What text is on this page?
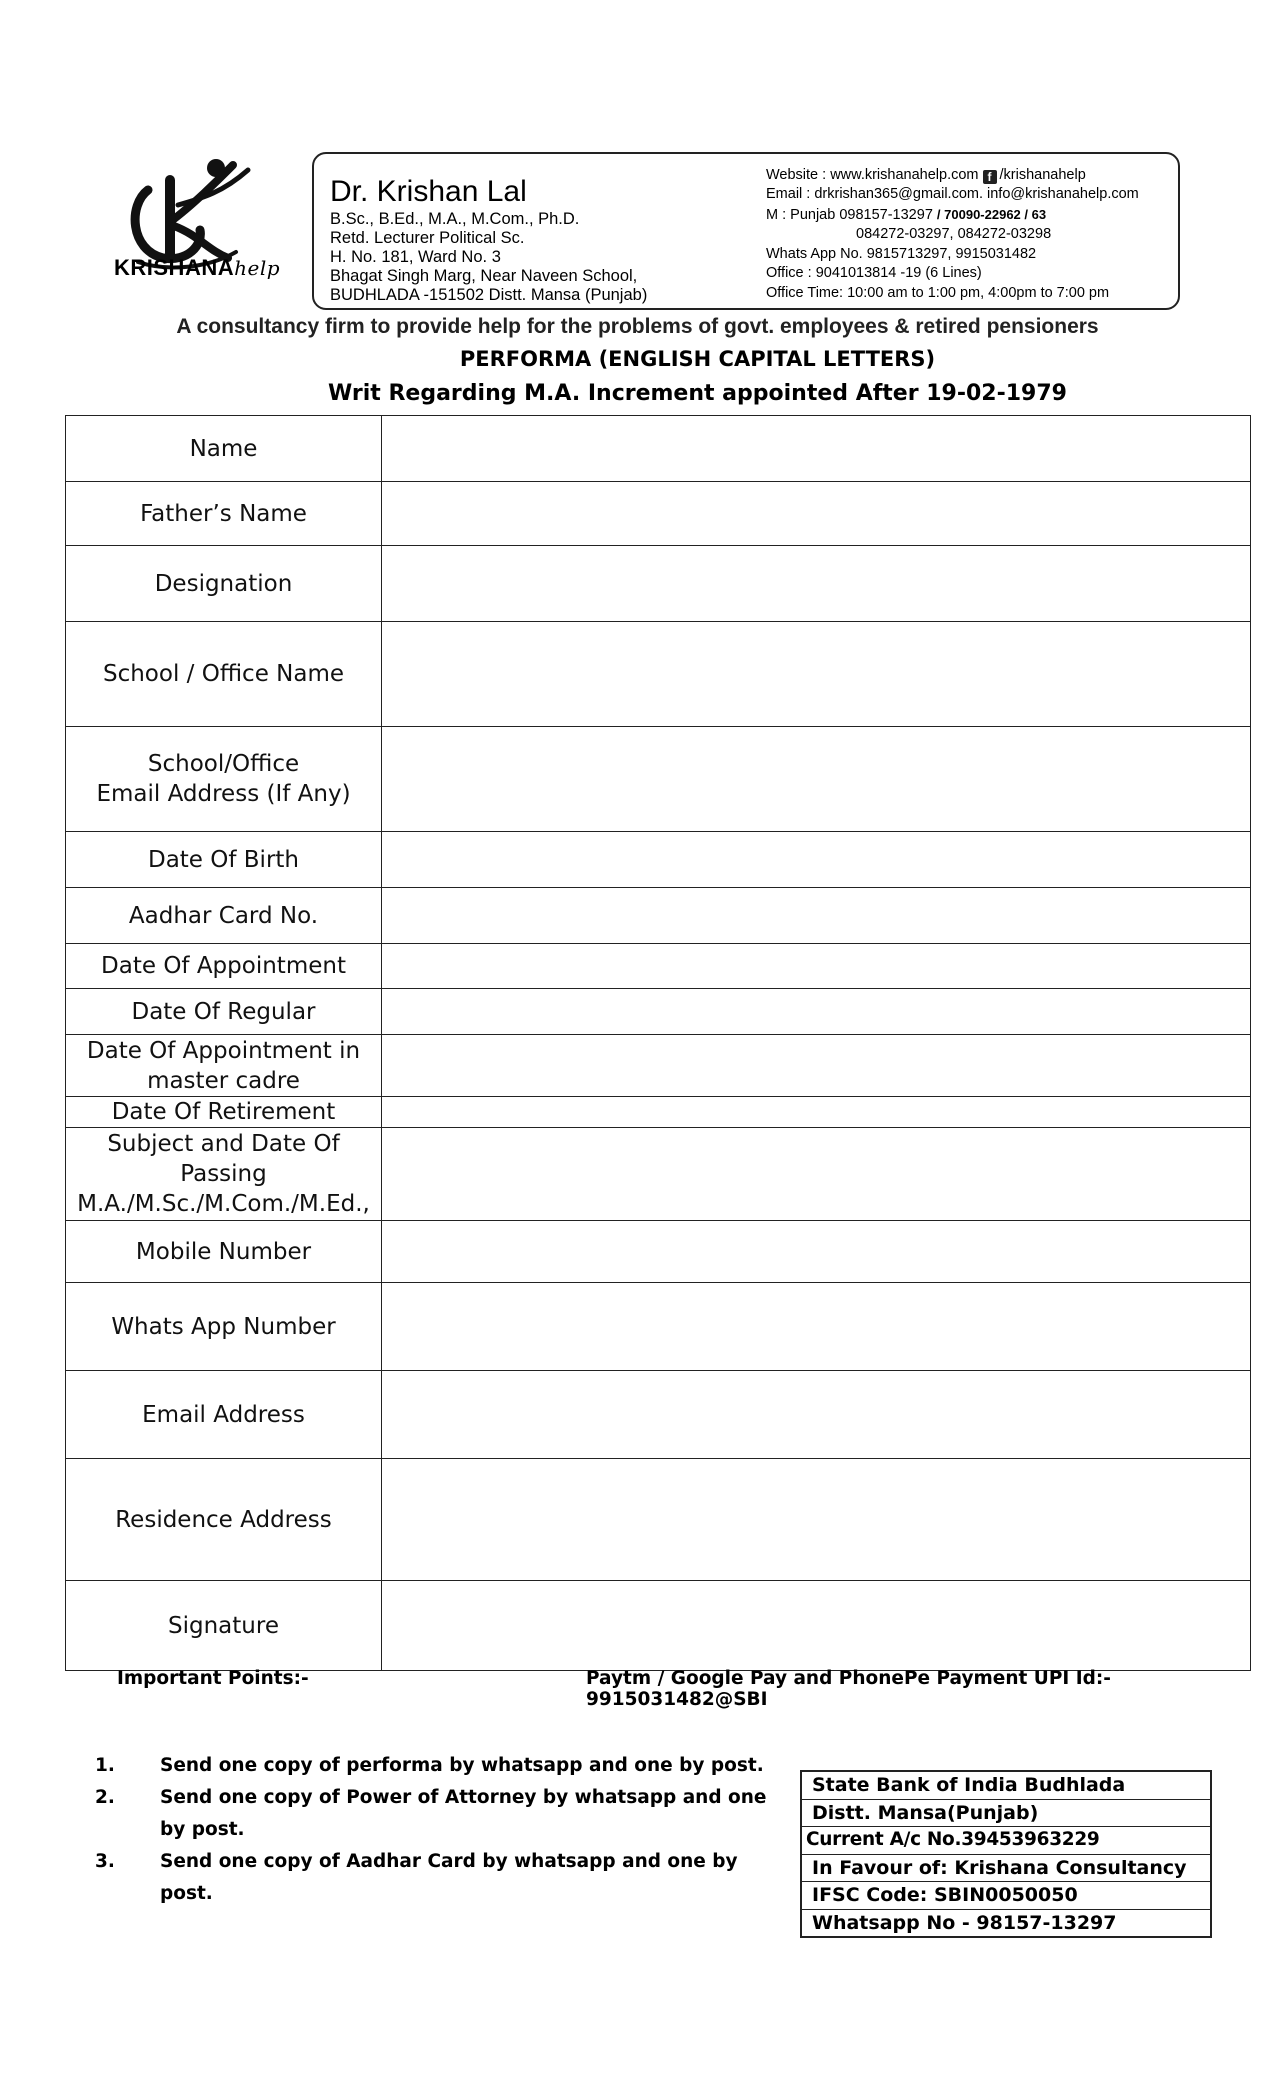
KRISHANAhelp
Dr. Krishan Lal
B.Sc., B.Ed., M.A., M.Com., Ph.D.
Retd. Lecturer Political Sc.
H. No. 181, Ward No. 3
Bhagat Singh Marg, Near Naveen School,
BUDHLADA -151502 Distt. Mansa (Punjab)
Website : www.krishanahelp.com f /krishanahelp
Email : drkrishan365@gmail.com. info@krishanahelp.com
M : Punjab 098157-13297 / 70090-22962 / 63
084272-03297, 084272-03298
Whats App No. 9815713297, 9915031482
Office : 9041013814 -19 (6 Lines)
Office Time: 10:00 am to 1:00 pm, 4:00pm to 7:00 pm
A consultancy firm to provide help for the problems of govt. employees & retired pensioners
PERFORMA (ENGLISH CAPITAL LETTERS)
Writ Regarding M.A. Increment appointed After 19-02-1979
Name	

Father’s Name	

Designation	

School / Office Name	

School/Office
Email Address (If Any)	

Date Of Birth	

Aadhar Card No.	

Date Of Appointment	

Date Of Regular	

Date Of Appointment in
master cadre	

Date Of Retirement	

Subject and Date Of
Passing
M.A./M.Sc./M.Com./M.Ed.,	

Mobile Number	

Whats App Number	

Email Address	

Residence Address	

Signature	

Important Points:-	Paytm / Google Pay and PhonePe Payment UPI Id:- 9915031482@SBI
1. Send one copy of performa by whatsapp and one by post.
2. Send one copy of Power of Attorney by whatsapp and one by post.
3. Send one copy of Aadhar Card by whatsapp and one by post.
State Bank of India Budhlada
Distt. Mansa(Punjab)
Current A/c No.39453963229
In Favour of: Krishana Consultancy
IFSC Code: SBIN0050050
Whatsapp No - 98157-13297
